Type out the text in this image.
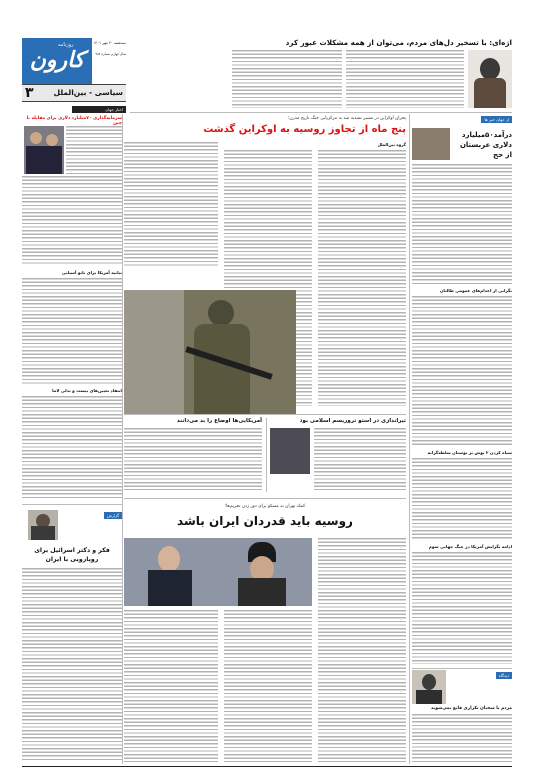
روزنامه
کارون
سه‌شنبه ۲۰ مهر ۱۴۰۱
سال چهارم شماره ۹۸۷
۳	سیاسی - بین‌الملل
اخبار جهان
اژه‌ای: با تسخیر دل‌های مردم، می‌توان از همه مشکلات عبور کرد
از جهان خبر ها
درآمد۵۰میلیارد دلاری عربستان از حج
نگرانی از اعدام‌های عمومی طالبان
سیاه کردن ۲ بوش بر بوستان سلطه‌گرانه
ادامه نگرانش آمریکا در جنگ جهانی سوم
دیدگاه
مردم با سخنان تکراری قانع نمی‌شوند
بحران اوکراین در مسیر تشدید شد به مرکزیابی جنگ تاریخ مدرن؛
پنج ماه از تجاوز روسیه به اوکراین گذشت
گروه بین‌الملل
سرمایه‌گذاری ۷۰میلیارد دلاری برای مقابله با چین
بیانیه آمریکا برای ناتو آسیایی
انتقاد تعیین‌های بیست و بدلی لاما
گزارش
فکر و دکتر اسرائیل برای رویارویی با ایران
تیراندازی در استو تروریسم اسلامی بود
آمریکایی‌ها اوضاع را بد می‌دانند
کمک تهران به مسکو برای دور زدن تحریم‌ها؛
روسیه باید قدردان ایران باشد
